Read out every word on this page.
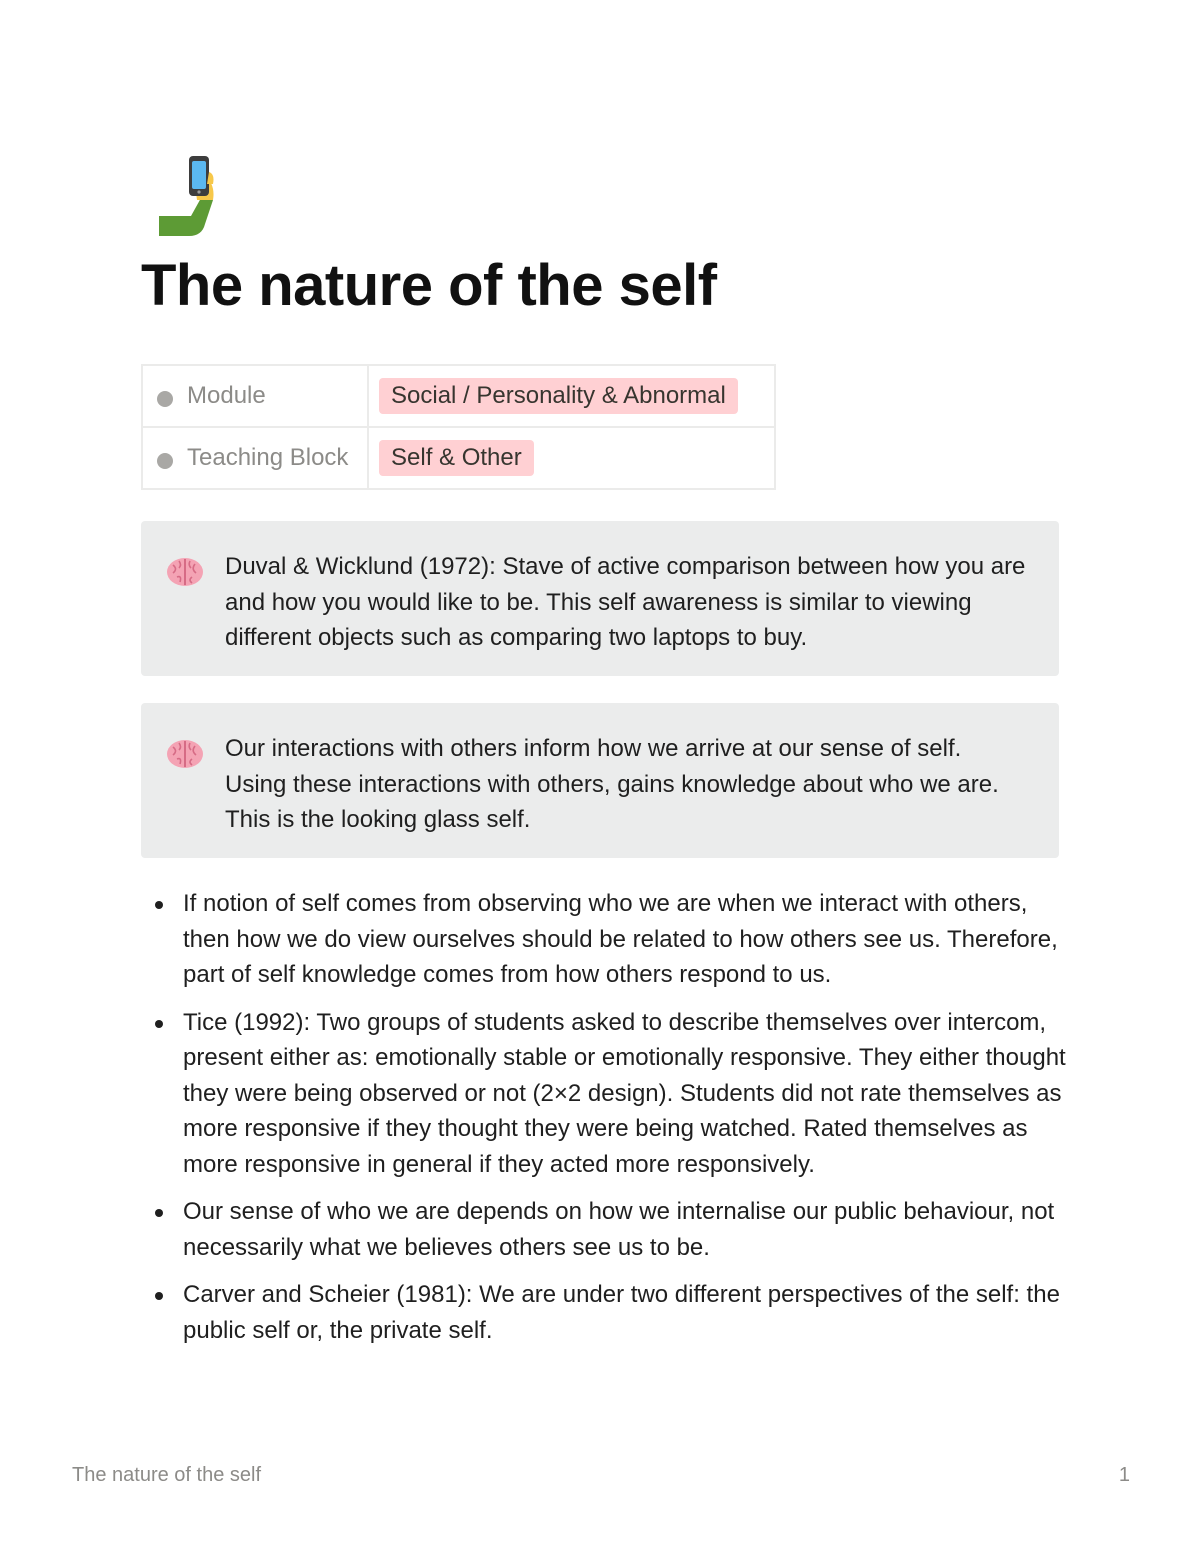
The nature of the self
Module	Social / Personality & Abnormal

Teaching Block	Self & Other

Duval & Wicklund (1972): Stave of active comparison between how you are and how you would like to be. This self awareness is similar to viewing different objects such as comparing two laptops to buy.

Our interactions with others inform how we arrive at our sense of self. Using these interactions with others, gains knowledge about who we are. This is the looking glass self.

If notion of self comes from observing who we are when we interact with others, then how we do view ourselves should be related to how others see us. Therefore, part of self knowledge comes from how others respond to us.
Tice (1992): Two groups of students asked to describe themselves over intercom, present either as: emotionally stable or emotionally responsive. They either thought they were being observed or not (2×2 design). Students did not rate themselves as more responsive if they thought they were being watched. Rated themselves as more responsive in general if they acted more responsively.
Our sense of who we are depends on how we internalise our public behaviour, not necessarily what we believes others see us to be.
Carver and Scheier (1981): We are under two different perspectives of the self: the public self or, the private self.
The nature of the self	1
